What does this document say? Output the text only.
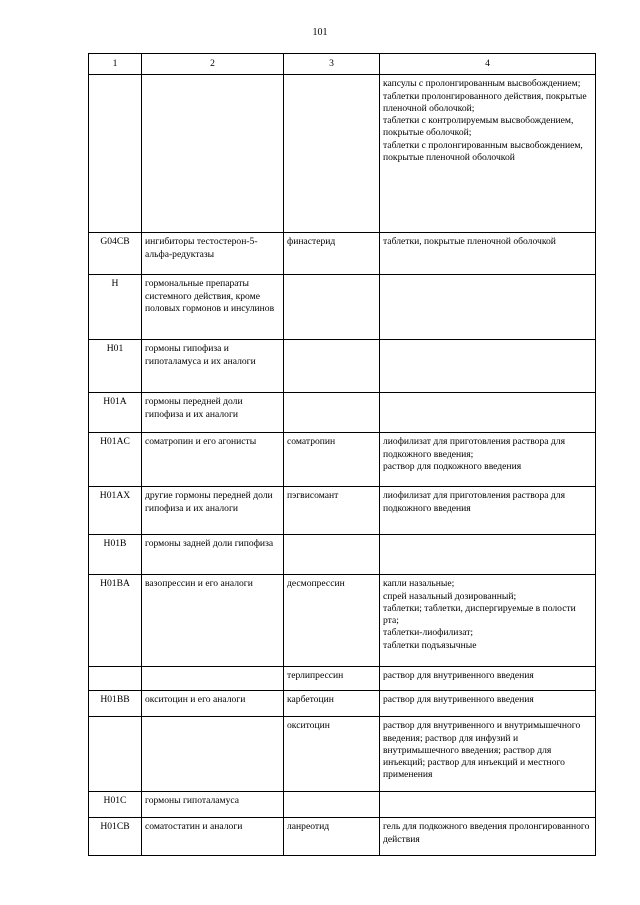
101
1	2	3	4

			капсулы с пролонгированным высвобождением;
таблетки пролонгированного действия, покрытые пленочной оболочкой;
таблетки с контролируемым высвобождением, покрытые оболочкой;
таблетки с пролонгированным высвобождением, покрытые пленочной оболочкой

G04CB	ингибиторы тестостерон-5-альфа-редуктазы	финастерид	таблетки, покрытые пленочной оболочкой
H	гормональные препараты системного действия, кроме половых гормонов и инсулинов		
H01	гормоны гипофиза и гипоталамуса и их аналоги		
H01A	гормоны передней доли гипофиза и их аналоги		
H01AC	соматропин и его агонисты	соматропин	лиофилизат для приготовления раствора для подкожного введения;
раствор для подкожного введения

H01AX	другие гормоны передней доли гипофиза и их аналоги	пэгвисомант	лиофилизат для приготовления раствора для подкожного введения
H01B	гормоны задней доли гипофиза		
H01BA	вазопрессин и его аналоги	десмопрессин	капли назальные;
спрей назальный дозированный;
таблетки; таблетки, диспергируемые в полости рта;
таблетки-лиофилизат;
таблетки подъязычные

		терлипрессин	раствор для внутривенного введения
H01BB	окситоцин и его аналоги	карбетоцин	раствор для внутривенного введения
		окситоцин	раствор для внутривенного и внутримышечного введения; раствор для инфузий и внутримышечного введения; раствор для инъекций; раствор для инъекций и местного применения
H01C	гормоны гипоталамуса		
H01CB	соматостатин и аналоги	ланреотид	гель для подкожного введения пролонгированного действия
